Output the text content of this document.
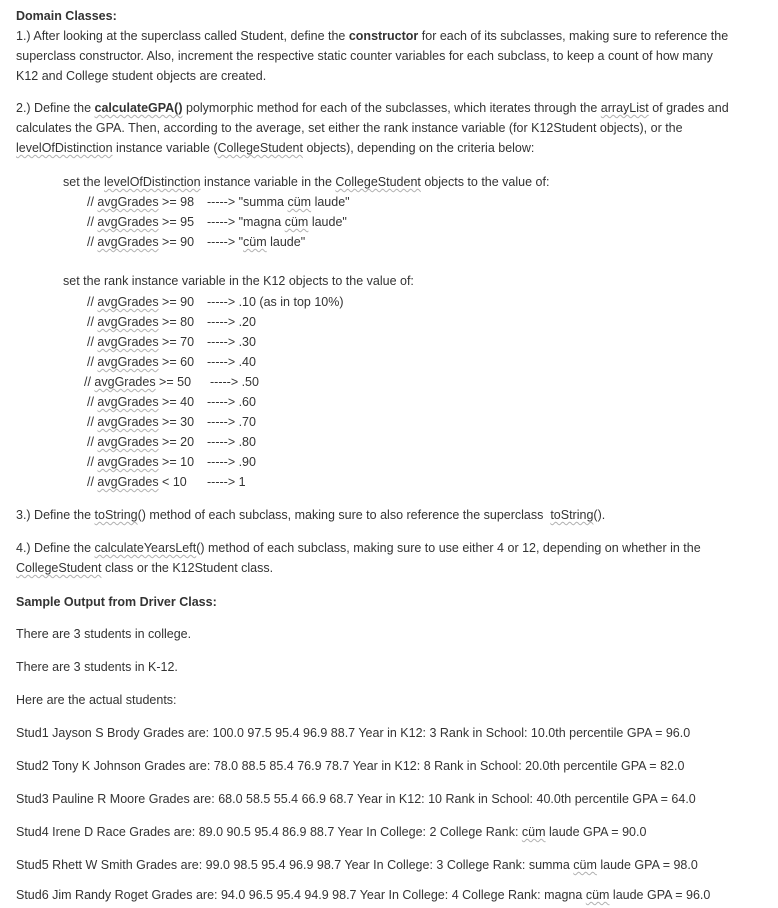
Domain Classes:
1.) After looking at the superclass called Student, define the constructor for each of its subclasses, making sure to reference the
superclass constructor. Also, increment the respective static counter variables for each subclass, to keep a count of how many
K12 and College student objects are created.
2.) Define the calculateGPA() polymorphic method for each of the subclasses, which iterates through the arrayList of grades and
calculates the GPA. Then, according to the average, set either the rank instance variable (for K12Student objects), or the
levelOfDistinction instance variable (CollegeStudent objects), depending on the criteria below:
set the levelOfDistinction instance variable in the CollegeStudent objects to the value of:
// avgGrades >= 98 -----> "summa cüm laude"
// avgGrades >= 95 -----> "magna cüm laude"
// avgGrades >= 90 -----> "cüm laude"
set the rank instance variable in the K12 objects to the value of:
// avgGrades >= 90 -----> .10 (as in top 10%)
// avgGrades >= 80 -----> .20
// avgGrades >= 70 -----> .30
// avgGrades >= 60 -----> .40
// avgGrades >= 50 -----> .50
// avgGrades >= 40 -----> .60
// avgGrades >= 30 -----> .70
// avgGrades >= 20 -----> .80
// avgGrades >= 10 -----> .90
// avgGrades < 10 -----> 1
3.) Define the toString() method of each subclass, making sure to also reference the superclass  toString().
4.) Define the calculateYearsLeft() method of each subclass, making sure to use either 4 or 12, depending on whether in the
CollegeStudent class or the K12Student class.
Sample Output from Driver Class:
There are 3 students in college.
There are 3 students in K-12.
Here are the actual students:
Stud1 Jayson S Brody Grades are: 100.0 97.5 95.4 96.9 88.7 Year in K12: 3 Rank in School: 10.0th percentile GPA = 96.0
Stud2 Tony K Johnson Grades are: 78.0 88.5 85.4 76.9 78.7 Year in K12: 8 Rank in School: 20.0th percentile GPA = 82.0
Stud3 Pauline R Moore Grades are: 68.0 58.5 55.4 66.9 68.7 Year in K12: 10 Rank in School: 40.0th percentile GPA = 64.0
Stud4 Irene D Race Grades are: 89.0 90.5 95.4 86.9 88.7 Year In College: 2 College Rank: cüm laude GPA = 90.0
Stud5 Rhett W Smith Grades are: 99.0 98.5 95.4 96.9 98.7 Year In College: 3 College Rank: summa cüm laude GPA = 98.0
Stud6 Jim Randy Roget Grades are: 94.0 96.5 95.4 94.9 98.7 Year In College: 4 College Rank: magna cüm laude GPA = 96.0
